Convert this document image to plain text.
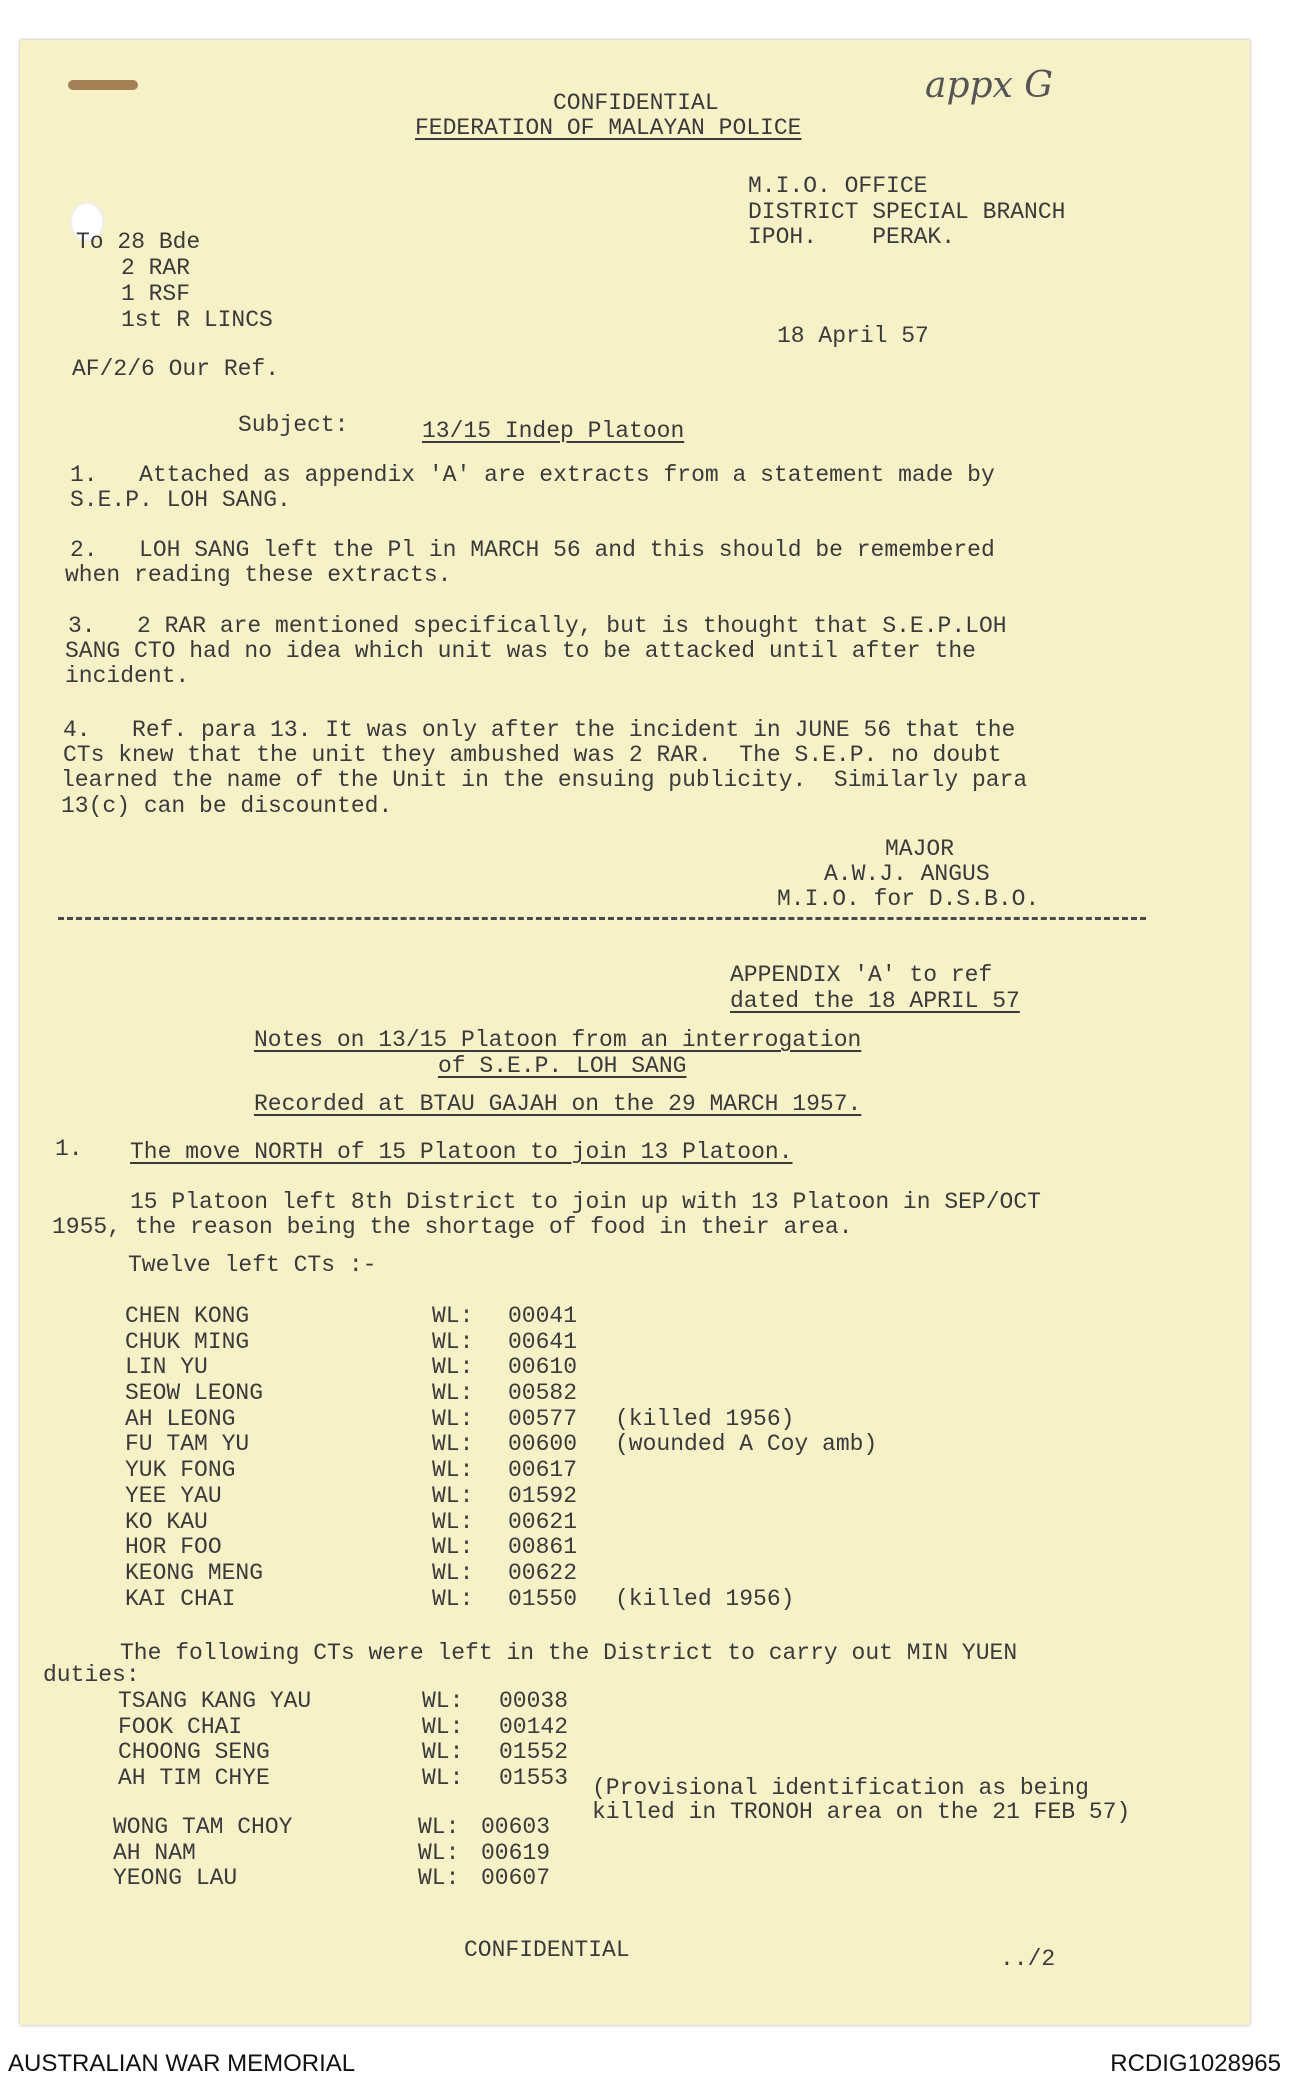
appx G
CONFIDENTIAL
FEDERATION OF MALAYAN POLICE
M.I.O. OFFICE
DISTRICT SPECIAL BRANCH
IPOH.    PERAK.
To 28 Bde
2 RAR
1 RSF
1st R LINCS
18 April 57
AF/2/6 Our Ref.
Subject:	13/15 Indep Platoon
1.   Attached as appendix 'A' are extracts from a statement made by
S.E.P. LOH SANG.
2.   LOH SANG left the Pl in MARCH 56 and this should be remembered
when reading these extracts.
3.   2 RAR are mentioned specifically, but is thought that S.E.P.LOH
SANG CTO had no idea which unit was to be attacked until after the
incident.
4.   Ref. para 13. It was only after the incident in JUNE 56 that the
CTs knew that the unit they ambushed was 2 RAR.  The S.E.P. no doubt
learned the name of the Unit in the ensuing publicity.  Similarly para
13(c) can be discounted.
MAJOR
A.W.J. ANGUS
M.I.O. for D.S.B.O.
APPENDIX 'A' to ref
dated the 18 APRIL 57
Notes on 13/15 Platoon from an interrogation
of S.E.P. LOH SANG
Recorded at BTAU GAJAH on the 29 MARCH 1957.
1. The move NORTH of 15 Platoon to join 13 Platoon.
15 Platoon left 8th District to join up with 13 Platoon in SEP/OCT
1955, the reason being the shortage of food in their area.
Twelve left CTs :-
CHEN KONG	WL: 00041
CHUK MING	WL: 00641
LIN YU	WL: 00610
SEOW LEONG	WL: 00582
AH LEONG	WL: 00577 (killed 1956)
FU TAM YU	WL: 00600 (wounded A Coy amb)
YUK FONG	WL: 00617
YEE YAU	WL: 01592
KO KAU	WL: 00621
HOR FOO	WL: 00861
KEONG MENG	WL: 00622
KAI CHAI	WL: 01550 (killed 1956)
The following CTs were left in the District to carry out MIN YUEN
duties:
TSANG KANG YAU	WL: 00038
FOOK CHAI	WL: 00142
CHOONG SENG	WL: 01552
AH TIM CHYE	WL: 01553 (Provisional identification as being
killed in TRONOH area on the 21 FEB 57)
WONG TAM CHOY	WL: 00603
AH NAM	WL: 00619
YEONG LAU	WL: 00607
CONFIDENTIAL	../2
AUSTRALIAN WAR MEMORIAL	RCDIG1028965
